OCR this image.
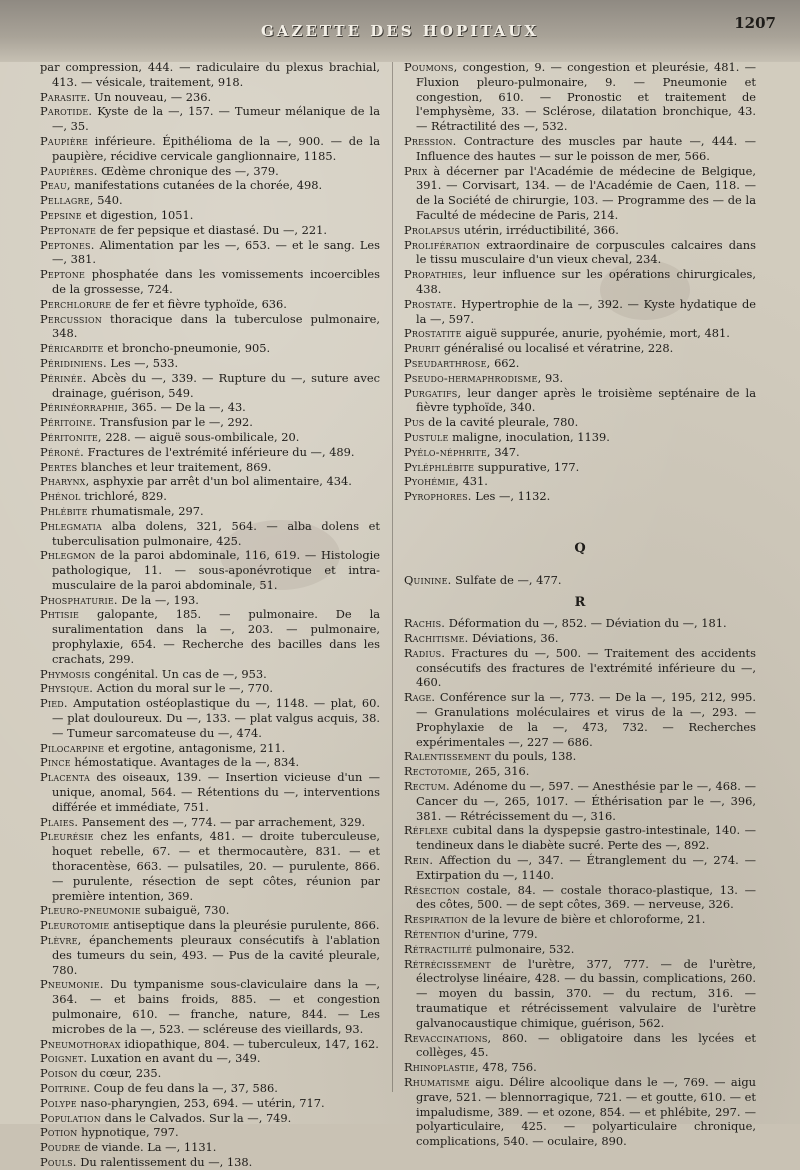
GAZETTE DES HOPITAUX	1207

par compression, 444. — radiculaire du plexus brachial, 413. — vésicale, traitement, 918.

Parasite. Un nouveau, — 236.

Parotide. Kyste de la —, 157. — Tumeur mélanique de la —, 35.

Paupière inférieure. Épithélioma de la —, 900. — de la paupière, récidive cervicale ganglionnaire, 1185.

Paupières. Œdème chronique des —, 379.

Peau, manifestations cutanées de la chorée, 498.

Pellagre, 540.

Pepsine et digestion, 1051.

Peptonate de fer pepsique et diastasé. Du —, 221.

Peptones. Alimentation par les —, 653. — et le sang. Les —, 381.

Peptone phosphatée dans les vomissements incoercibles de la grossesse, 724.

Perchlorure de fer et fièvre typhoïde, 636.

Percussion thoracique dans la tuberculose pulmonaire, 348.

Péricardite et broncho-pneumonie, 905.

Péridiniens. Les —, 533.

Périnée. Abcès du —, 339. — Rupture du —, suture avec drainage, guérison, 549.

Périnéorraphie, 365. — De la —, 43.

Péritoine. Transfusion par le —, 292.

Péritonite, 228. — aiguë sous-ombilicale, 20.

Péroné. Fractures de l'extrémité inférieure du —, 489.

Pertes blanches et leur traitement, 869.

Pharynx, asphyxie par arrêt d'un bol alimentaire, 434.

Phénol trichloré, 829.

Phlébite rhumatismale, 297.

Phlegmatia alba dolens, 321, 564. — alba dolens et tuberculisation pulmonaire, 425.

Phlegmon de la paroi abdominale, 116, 619. — Histologie pathologique, 11. — sous-aponévrotique et intra-musculaire de la paroi abdominale, 51.

Phosphaturie. De la —, 193.

Phtisie galopante, 185. — pulmonaire. De la suralimentation dans la —, 203. — pulmonaire, prophylaxie, 654. — Recherche des bacilles dans les crachats, 299.

Phymosis congénital. Un cas de —, 953.

Physique. Action du moral sur le —, 770.

Pied. Amputation ostéoplastique du —, 1148. — plat, 60. — plat douloureux. Du —, 133. — plat valgus acquis, 38. — Tumeur sarcomateuse du —, 474.

Pilocarpine et ergotine, antagonisme, 211.

Pince hémostatique. Avantages de la —, 834.

Placenta des oiseaux, 139. — Insertion vicieuse d'un — unique, anomal, 564. — Rétentions du —, interventions différée et immédiate, 751.

Plaies. Pansement des —, 774. — par arrachement, 329.

Pleurésie chez les enfants, 481. — droite tuberculeuse, hoquet rebelle, 67. — et thermocautère, 831. — et thoracentèse, 663. — pulsatiles, 20. — purulente, 866. — purulente, résection de sept côtes, réunion par première intention, 369.

Pleuro-pneumonie subaiguë, 730.

Pleurotomie antiseptique dans la pleurésie purulente, 866.

Plèvre, épanchements pleuraux consécutifs à l'ablation des tumeurs du sein, 493. — Pus de la cavité pleurale, 780.

Pneumonie. Du tympanisme sous-claviculaire dans la —, 364. — et bains froids, 885. — et congestion pulmonaire, 610. — franche, nature, 844. — Les microbes de la —, 523. — scléreuse des vieillards, 93.

Pneumothorax idiopathique, 804. — tuberculeux, 147, 162.

Poignet. Luxation en avant du —, 349.

Poison du cœur, 235.

Poitrine. Coup de feu dans la —, 37, 586.

Polype naso-pharyngien, 253, 694. — utérin, 717.

Population dans le Calvados. Sur la —, 749.

Potion hypnotique, 797.

Poudre de viande. La —, 1131.

Pouls. Du ralentissement du —, 138.

Poumons, congestion, 9. — congestion et pleurésie, 481. — Fluxion pleuro-pulmonaire, 9. — Pneumonie et congestion, 610. — Pronostic et traitement de l'emphysème, 33. — Sclérose, dilatation bronchique, 43. — Rétractilité des —, 532.

Pression. Contracture des muscles par haute —, 444. — Influence des hautes — sur le poisson de mer, 566.

Prix à décerner par l'Académie de médecine de Belgique, 391. — Corvisart, 134. — de l'Académie de Caen, 118. — de la Société de chirurgie, 103. — Programme des — de la Faculté de médecine de Paris, 214.

Prolapsus utérin, irréductibilité, 366.

Prolifération extraordinaire de corpuscules calcaires dans le tissu musculaire d'un vieux cheval, 234.

Propathies, leur influence sur les opérations chirurgicales, 438.

Prostate. Hypertrophie de la —, 392. — Kyste hydatique de la —, 597.

Prostatite aiguë suppurée, anurie, pyohémie, mort, 481.

Prurit généralisé ou localisé et vératrine, 228.

Pseudarthrose, 662.

Pseudo-hermaphrodisme, 93.

Purgatifs, leur danger après le troisième septénaire de la fièvre typhoïde, 340.

Pus de la cavité pleurale, 780.

Pustule maligne, inoculation, 1139.

Pyélo-néphrite, 347.

Pyléphlébite suppurative, 177.

Pyohémie, 431.

Pyrophores. Les —, 1132.

Q

Quinine. Sulfate de —, 477.

R

Rachis. Déformation du —, 852. — Déviation du —, 181.

Rachitisme. Déviations, 36.

Radius. Fractures du —, 500. — Traitement des accidents consécutifs des fractures de l'extrémité inférieure du —, 460.

Rage. Conférence sur la —, 773. — De la —, 195, 212, 995. — Granulations moléculaires et virus de la —, 293. — Prophylaxie de la —, 473, 732. — Recherches expérimentales —, 227 — 686.

Ralentissement du pouls, 138.

Rectotomie, 265, 316.

Rectum. Adénome du —, 597. — Anesthésie par le —, 468. — Cancer du —, 265, 1017. — Éthérisation par le —, 396, 381. — Rétrécissement du —, 316.

Réflexe cubital dans la dyspepsie gastro-intestinale, 140. — tendineux dans le diabète sucré. Perte des —, 892.

Rein. Affection du —, 347. — Étranglement du —, 274. — Extirpation du —, 1140.

Résection costale, 84. — costale thoraco-plastique, 13. — des côtes, 500. — de sept côtes, 369. — nerveuse, 326.

Respiration de la levure de bière et chloroforme, 21.

Rétention d'urine, 779.

Rétractilité pulmonaire, 532.

Rétrécissement de l'urètre, 377, 777. — de l'urètre, électrolyse linéaire, 428. — du bassin, complications, 260. — moyen du bassin, 370. — du rectum, 316. — traumatique et rétrécissement valvulaire de l'urètre galvanocaustique chimique, guérison, 562.

Revaccinations, 860. — obligatoire dans les lycées et collèges, 45.

Rhinoplastie, 478, 756.

Rhumatisme aigu. Délire alcoolique dans le —, 769. — aigu grave, 521. — blennorragique, 721. — et goutte, 610. — et impaludisme, 389. — et ozone, 854. — et phlébite, 297. — polyarticulaire, 425. — polyarticulaire chronique, complications, 540. — oculaire, 890.
